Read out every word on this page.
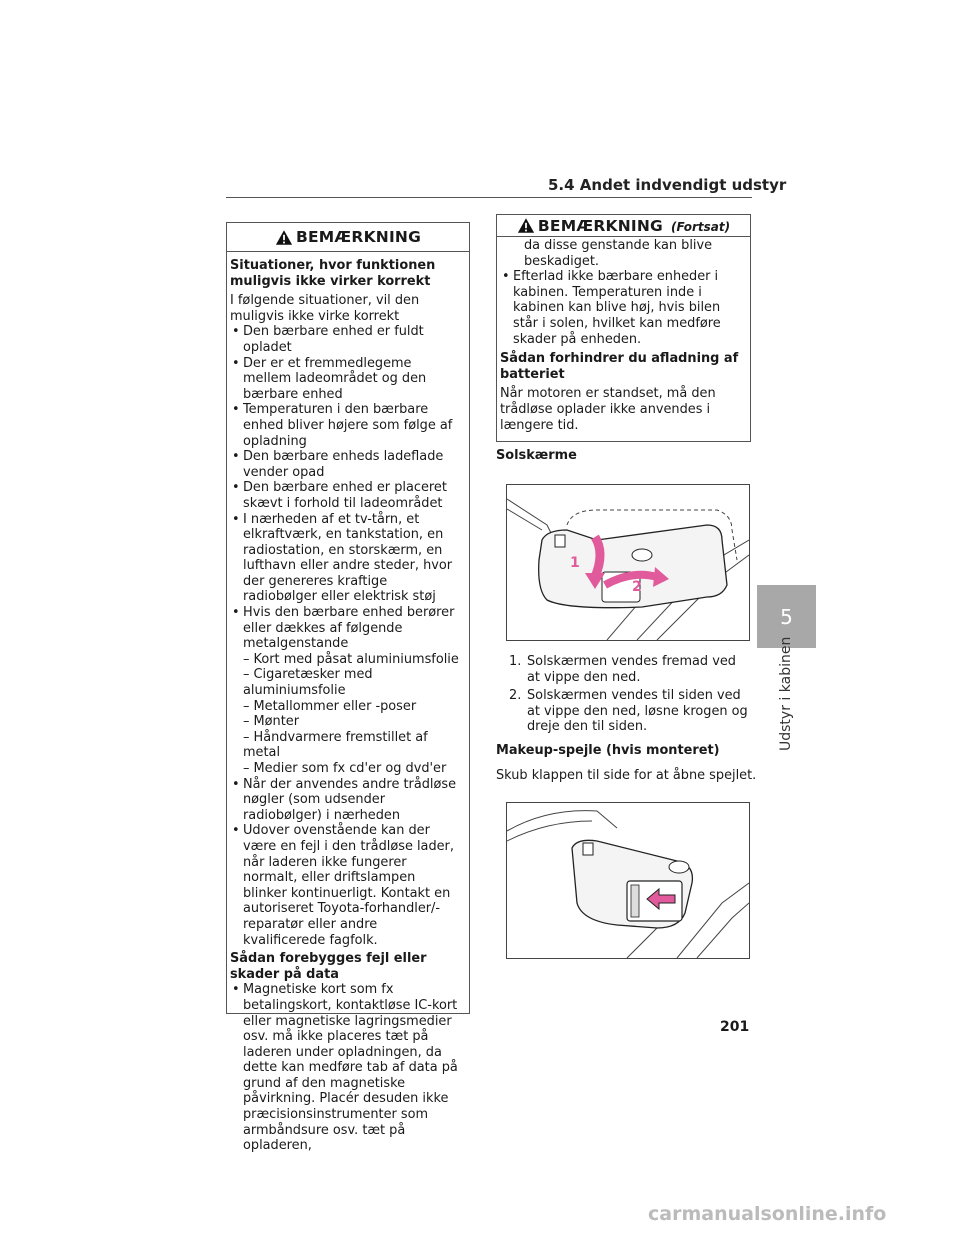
5.4 Andet indvendigt udstyr
BEMÆRKNING

Situationer, hvor funktionen muligvis ikke virker korrekt

I følgende situationer, vil den muligvis ikke virke korrekt

• Den bærbare enhed er fuldt opladet
• Der er et fremmedlegeme mellem ladeområdet og den bærbare enhed
• Temperaturen i den bærbare enhed bliver højere som følge af opladning
• Den bærbare enheds ladeflade vender opad
• Den bærbare enhed er placeret skævt i forhold til ladeområdet
• I nærheden af et tv-tårn, et elkraftværk, en tankstation, en radiostation, en storskærm, en lufthavn eller andre steder, hvor der genereres kraftige radiobølger eller elektrisk støj
• Hvis den bærbare enhed berører eller dækkes af følgende metalgenstande
– Kort med påsat aluminiumsfolie
– Cigaretæsker med aluminiumsfolie
– Metallommer eller -poser
– Mønter
– Håndvarmere fremstillet af metal
– Medier som fx cd'er og dvd'er
• Når der anvendes andre trådløse nøgler (som udsender radiobølger) i nærheden
• Udover ovenstående kan der være en fejl i den trådløse lader, når laderen ikke fungerer normalt, eller driftslampen blinker kontinuerligt. Kontakt en autoriseret Toyota-forhandler/-reparatør eller andre kvalificerede fagfolk.

Sådan forebygges fejl eller skader på data

• Magnetiske kort som fx betalingskort, kontaktløse IC-kort eller magnetiske lagringsmedier osv. må ikke placeres tæt på laderen under opladningen, da dette kan medføre tab af data på grund af den magnetiske påvirkning. Placér desuden ikke præcisionsinstrumenter som armbåndsure osv. tæt på opladeren,
BEMÆRKNING (Fortsat)

da disse genstande kan blive beskadiget.

• Efterlad ikke bærbare enheder i kabinen. Temperaturen inde i kabinen kan blive høj, hvis bilen står i solen, hvilket kan medføre skader på enheden.

Sådan forhindrer du afladning af batteriet

Når motoren er standset, må den trådløse oplader ikke anvendes i længere tid.

Solskærme
1
2
1. Solskærmen vendes fremad ved at vippe den ned.
2. Solskærmen vendes til siden ved at vippe den ned, løsne krogen og dreje den til siden.
Makeup-spejle (hvis monteret)
Skub klappen til side for at åbne spejlet.
5
Udstyr i kabinen
201
carmanualsonline.info
